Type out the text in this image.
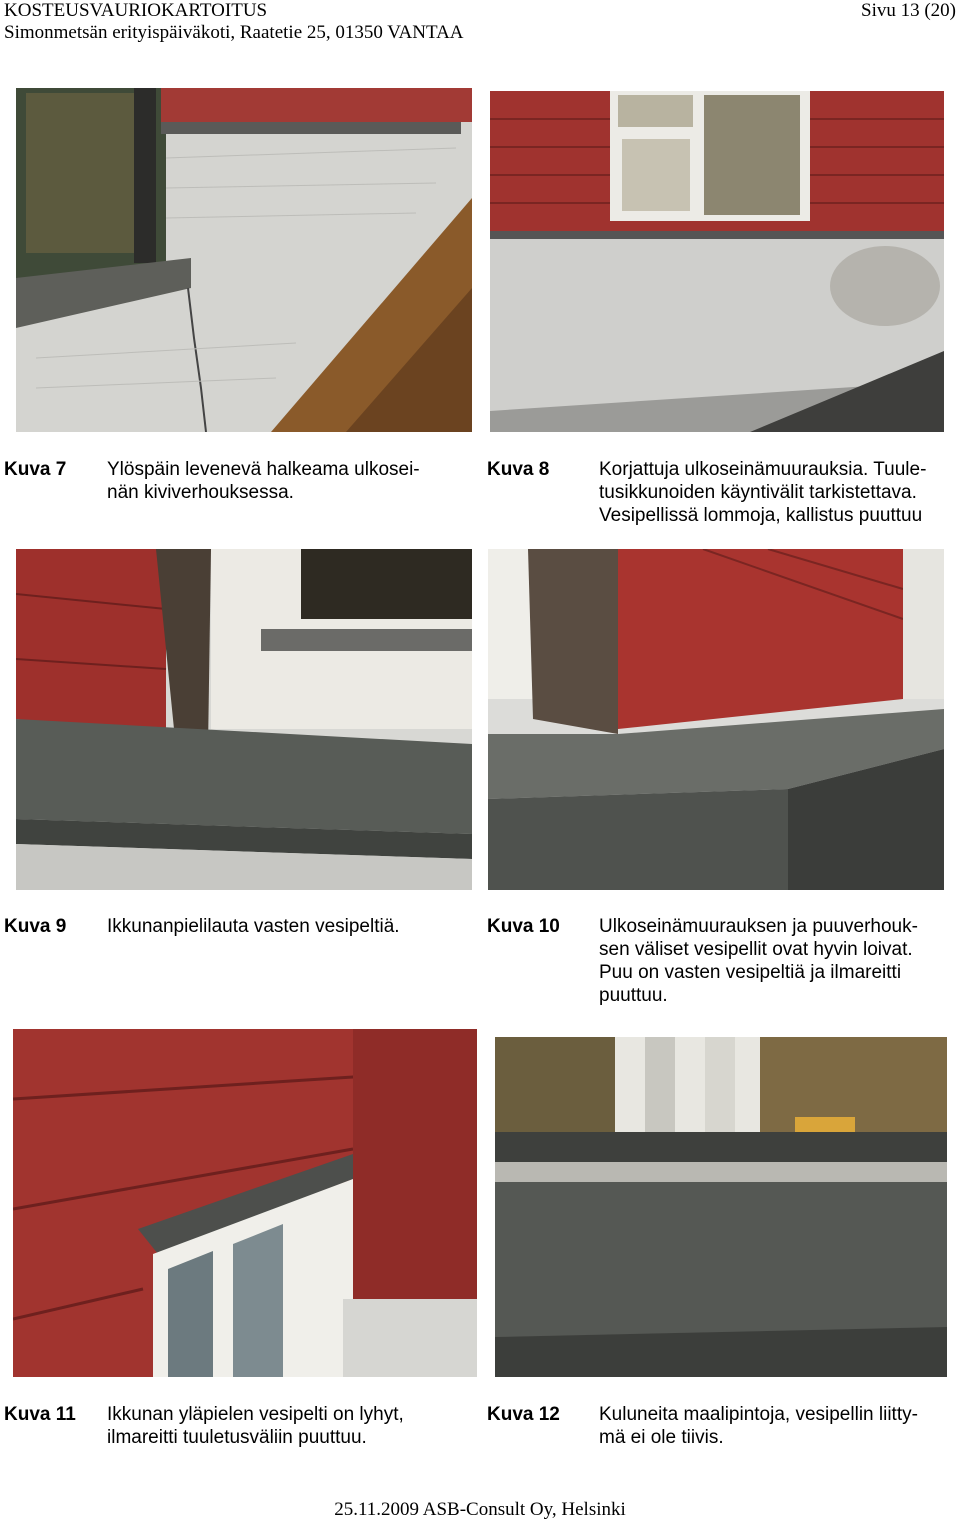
KOSTEUSVAURIOKARTOITUS
Simonmetsän erityispäiväkoti, Raatetie 25, 01350 VANTAA
Sivu 13 (20)
Kuva 7 Ylöspäin levenevä halkeama ulkosei-
nän kiviverhouksessa.
Kuva 8	Korjattuja ulkoseinämuurauksia. Tuule-
tusikkunoiden käyntivälit tarkistettava.
Vesipellissä lommoja, kallistus puuttuu
Kuva 9 Ikkunanpielilauta vasten vesipeltiä.	Kuva 10 Ulkoseinämuurauksen ja puuverhouk-
sen väliset vesipellit ovat hyvin loivat.
Puu on vasten vesipeltiä ja ilmareitti
puuttuu.
Kuva 11 Ikkunan yläpielen vesipelti on lyhyt,
ilmareitti tuuletusväliin puuttuu.
Kuva 12 Kuluneita maalipintoja, vesipellin liitty-
mä ei ole tiivis.
25.11.2009 ASB-Consult Oy, Helsinki
